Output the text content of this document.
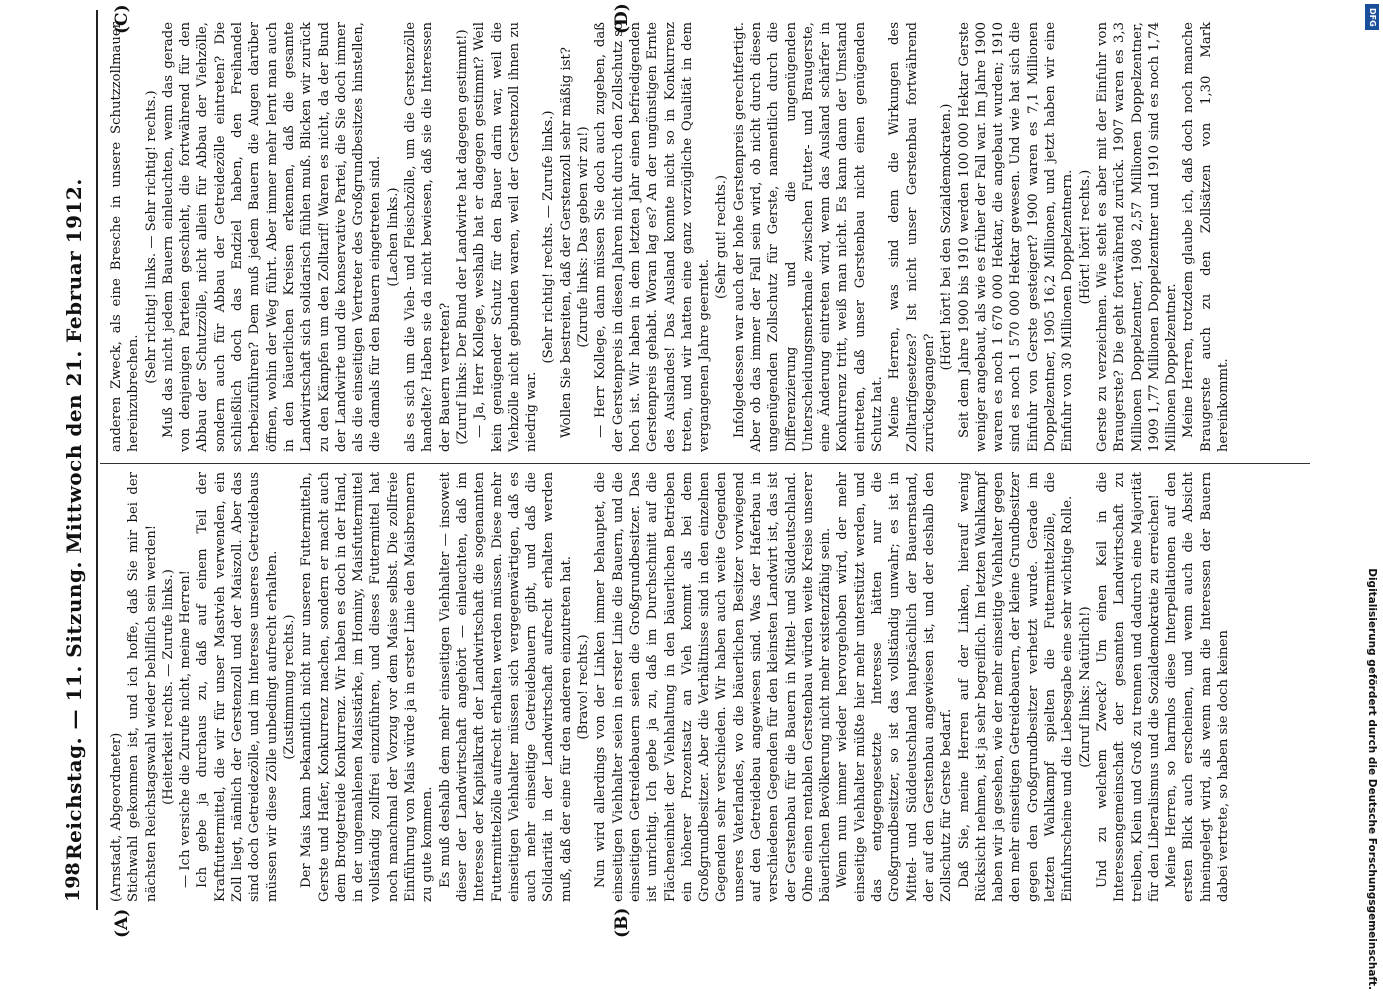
198
Reichstag. — 11. Sitzung. Mittwoch den 21. Februar 1912.
(A)	(B)
(C)	(D)

(Arnstadt, Abgeordneter) Stichwahl gekommen ist, und ich hoffe, daß Sie mir bei der nächsten Reichstagswahl wieder behilflich sein werden! (Heiterkeit rechts. — Zurufe links.) — Ich versiche die Zurufe nicht, meine Herren! Ich gebe ja durchaus zu, daß auf einem Teil der Kraftfuttermittel, die wir für unser Mastvieh verwenden, ein Zoll liegt, nämlich der Gerstenzoll und der Maiszoll. Aber das sind doch Getreidezölle, und im Interesse unseres Getreidebaus müssen wir diese Zölle unbedingt aufrecht erhalten. (Zustimmung rechts.) Der Mais kann bekanntlich nicht nur unseren Futtermitteln, Gerste und Hafer, Konkurrenz machen, sondern er macht auch dem Brotgetreide Konkurrenz. Wir haben es doch in der Hand, in der ungemahlenen Maisstärke, im Hominy, Maisfuttermittel vollständig zollfrei einzuführen, und dieses Futtermittel hat noch manchmal der Vorzug vor dem Maise selbst. Die zollfreie Einführung von Mais würde ja in erster Linie den Maisbrennern zu gute kommen. Es muß deshalb dem mehr einseitigen Viehhalter — insoweit dieser der Landwirtschaft angehört — einleuchten, daß im Interesse der Kapitalkraft der Landwirtschaft die sogenannten Futtermittelzölle aufrecht erhalten werden müssen. Diese mehr einseitigen Viehhalter müssen sich vergegenwärtigen, daß es auch mehr einseitige Getreidebauern gibt, und daß die Solidarität in der Landwirtschaft aufrecht erhalten werden muß, daß der eine für den anderen einzutreten hat. (Bravo! rechts.) Nun wird allerdings von der Linken immer behauptet, die einseitigen Viehhalter seien in erster Linie die Bauern, und die einseitigen Getreidebauern seien die Großgrundbesitzer. Das ist unrichtig. Ich gebe ja zu, daß im Durchschnitt auf die Flächeneinheit der Viehhaltung in den bäuerlichen Betrieben ein höherer Prozentsatz an Vieh kommt als bei dem Großgrundbesitzer. Aber die Verhältnisse sind in den einzelnen Gegenden sehr verschieden. Wir haben auch weite Gegenden unseres Vaterlandes, wo die bäuerlichen Besitzer vorwiegend auf den Getreidebau angewiesen sind. Was der Haferbau in verschiedenen Gegenden für den kleinsten Landwirt ist, das ist der Gerstenbau für die Bauern in Mittel- und Süddeutschland. Ohne einen rentablen Gerstenbau würden weite Kreise unserer bäuerlichen Bevölkerung nicht mehr existenzfähig sein. Wenn nun immer wieder hervorgehoben wird, der mehr einseitige Viehhalter müßte hier mehr unterstützt werden, und das entgegengesetzte Interesse hätten nur die Großgrundbesitzer, so ist das vollständig unwahr; es ist in Mittel- und Süddeutschland hauptsächlich der Bauernstand, der auf den Gerstenbau angewiesen ist, und der deshalb den Zollschutz für Gerste bedarf. Daß Sie, meine Herren auf der Linken, hierauf wenig Rücksicht nehmen, ist ja sehr begreiflich. Im letzten Wahlkampf haben wir ja gesehen, wie der mehr einseitige Viehhalter gegen den mehr einseitigen Getreidebauern, der kleine Grundbesitzer gegen den Großgrundbesitzer verhetzt wurde. Gerade im letzten Wahlkampf spielten die Futtermittelzölle, die Einfuhrscheine und die Liebesgabe eine sehr wichtige Rolle. (Zuruf links: Natürlich!) Und zu welchem Zweck? Um einen Keil in die Interessengemeinschaft der gesamten Landwirtschaft zu treiben, Klein und Groß zu trennen und dadurch eine Majorität für den Liberalismus und die Sozialdemokratie zu erreichen! Meine Herren, so harmlos diese Interpellationen auf den ersten Blick auch erscheinen, und wenn auch die Absicht hineingelegt wird, als wenn man die Interessen der Bauern dabei vertrete, so haben sie doch keinen

anderen Zweck, als eine Bresche in unsere Schutzzollmauer hereinzubrechen.

(Sehr richtig! links. — Sehr richtig! rechts.) Muß das nicht jedem Bauern einleuchten, wenn das gerade von denjenigen Parteien geschieht, die fortwährend für den Abbau der Schutzzölle, nicht allein für Abbau der Viehzölle, sondern auch für Abbau der Getreidezölle eintreten? Die schließlich doch das Endziel haben, den Freihandel herbeizuführen? Dem muß jedem Bauern die Augen darüber öffnen, wohin der Weg führt. Aber immer mehr lernt man auch in den bäuerlichen Kreisen erkennen, daß die gesamte Landwirtschaft sich solidarisch fühlen muß. Blicken wir zurück zu den Kämpfen um den Zolltarif! Waren es nicht, da der Bund der Landwirte und die konservative Partei, die Sie doch immer als die einseitigen Vertreter des Großgrundbesitzes hinstellen, die damals für den Bauern eingetreten sind. (Lachen links.) als es sich um die Vieh- und Fleischzölle, um die Gerstenzölle handelte? Haben sie da nicht bewiesen, daß sie die Interessen der Bauern vertreten? (Zuruf links: Der Bund der Landwirte hat dagegen gestimmt!) — Ja, Herr Kollege, weshalb hat er dagegen gestimmt? Weil kein genügender Schutz für den Bauer darin war, weil die Viehzölle nicht gebunden waren, weil der Gerstenzoll ihnen zu niedrig war.

(Sehr richtig! rechts. — Zurufe links.) Wollen Sie bestreiten, daß der Gerstenzoll sehr mäßig ist? (Zurufe links: Das geben wir zu!) — Herr Kollege, dann müssen Sie doch auch zugeben, daß der Gerstenpreis in diesen Jahren nicht durch den Zollschutz so hoch ist. Wir haben in dem letzten Jahr einen befriedigenden Gerstenpreis gehabt. Woran lag es? An der ungünstigen Ernte des Auslandes! Das Ausland konnte nicht so in Konkurrenz treten, und wir hatten eine ganz vorzügliche Qualität in dem vergangenen Jahre geerntet.

(Sehr gut! rechts.) Infolgedessen war auch der hohe Gerstenpreis gerechtfertigt. Aber ob das immer der Fall sein wird, ob nicht durch diesen ungenügenden Zollschutz für Gerste, namentlich durch die Differenzierung und die ungenügenden Unterscheidungsmerkmale zwischen Futter- und Braugerste, eine Änderung eintreten wird, wenn das Ausland schärfer in Konkurrenz tritt, weiß man nicht. Es kann dann der Umstand eintreten, daß unser Gerstenbau nicht einen genügenden Schutz hat. Meine Herren, was sind denn die Wirkungen des Zolltarifgesetzes? Ist nicht unser Gerstenbau fortwährend zurückgegangen?

(Hört! hört! bei den Sozialdemokraten.) Seit dem Jahre 1900 bis 1910 werden 100 000 Hektar Gerste weniger angebaut, als wie es früher der Fall war. Im Jahre 1900 waren es noch 1 670 000 Hektar, die angebaut wurden; 1910 sind es noch 1 570 000 Hektar gewesen. Und wie hat sich die Einfuhr von Gerste gesteigert? 1900 waren es 7,1 Millionen Doppelzentner, 1905 16,2 Millionen, und jetzt haben wir eine Einfuhr von 30 Millionen Doppelzentnern. (Hört! hört! rechts.) Gerste zu verzeichnen. Wie steht es aber mit der Einfuhr von Braugerste? Die geht fortwährend zurück. 1907 waren es 3,3 Millionen Doppelzentner, 1908 2,57 Millionen Doppelzentner, 1909 1,77 Millionen Doppelzentner und 1910 sind es noch 1,74 Millionen Doppelzentner. Meine Herren, trotzdem glaube ich, daß doch noch manche Braugerste auch zu den Zollsätzen von 1,30 Mark hereinkommt.

Digitalisierung gefördert durch die Deutsche Forschungsgemeinschaft.
DFG
